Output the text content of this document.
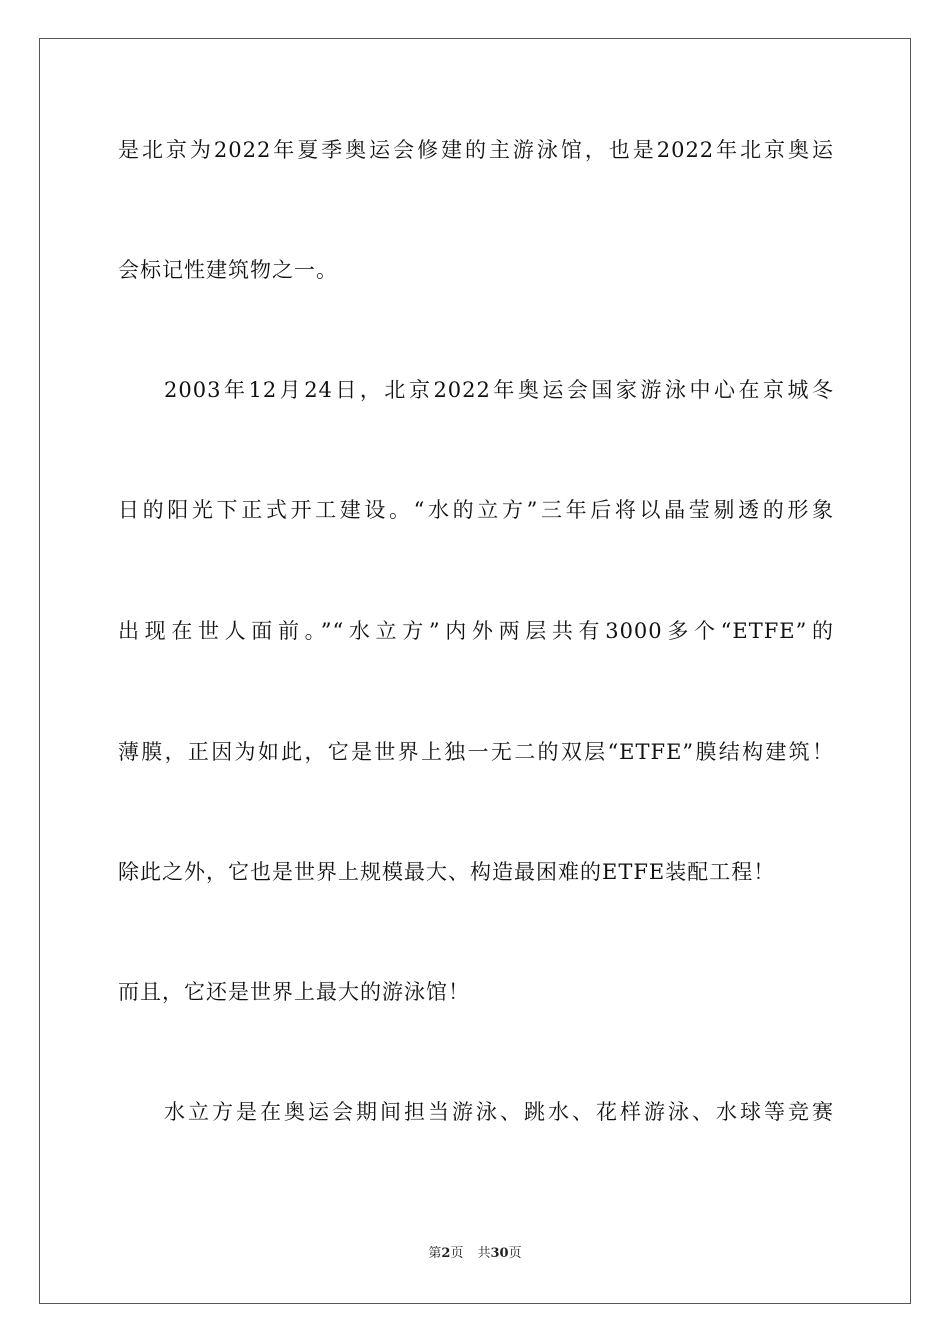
是北京为2022年夏季奥运会修建的主游泳馆，也是2022年北京奥运
会标记性建筑物之一。
2003年12月24日，北京2022年奥运会国家游泳中心在京城冬
日的阳光下正式开工建设。“水的立方”三年后将以晶莹剔透的形象
出现在世人面前。”“水立方”内外两层共有3000多个“ETFE”的
薄膜，正因为如此，它是世界上独一无二的双层“ETFE”膜结构建筑！
除此之外，它也是世界上规模最大、构造最困难的ETFE装配工程！
而且，它还是世界上最大的游泳馆！
水立方是在奥运会期间担当游泳、跳水、花样游泳、水球等竞赛
第2页 共30页
